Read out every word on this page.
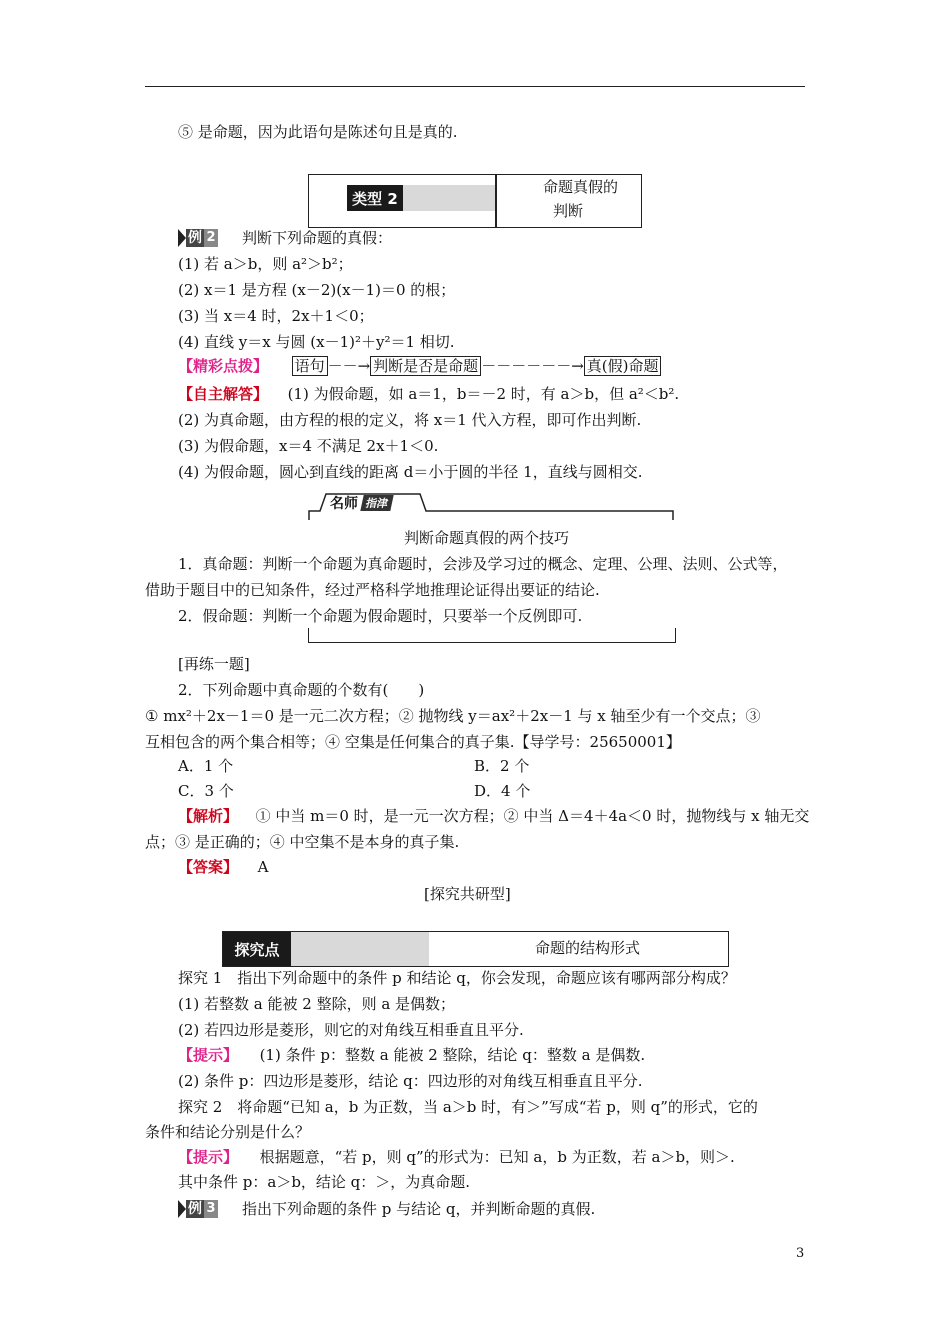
⑤ 是命题，因为此语句是陈述句且是真的.
类型 2
命题真假的
判断
例 2 判断下列命题的真假：
(1) 若 a＞b，则 a²＞b²；
(2) x＝1 是方程 (x－2)(x－1)＝0 的根；
(3) 当 x＝4 时，2x＋1＜0；
(4) 直线 y＝x 与圆 (x－1)²＋y²＝1 相切.
【精彩点拨】 语句 －－→ 判断是否是命题 －－－－－－→ 真(假)命题
【自主解答】 (1) 为假命题，如 a＝1，b＝－2 时，有 a＞b，但 a²＜b².
(2) 为真命题，由方程的根的定义，将 x＝1 代入方程，即可作出判断.
(3) 为假命题，x＝4 不满足 2x＋1＜0.
(4) 为假命题，圆心到直线的距离 d＝小于圆的半径 1，直线与圆相交.
名师 指津
判断命题真假的两个技巧
1．真命题：判断一个命题为真命题时，会涉及学习过的概念、定理、公理、法则、公式等，
借助于题目中的已知条件，经过严格科学地推理论证得出要证的结论.
2．假命题：判断一个命题为假命题时，只要举一个反例即可.
[再练一题]
2．下列命题中真命题的个数有(　　)
① mx²＋2x－1＝0 是一元二次方程；② 抛物线 y＝ax²＋2x－1 与 x 轴至少有一个交点；③
互相包含的两个集合相等；④ 空集是任何集合的真子集.【导学号：25650001】
A．1 个	B．2 个
C．3 个	D．4 个
【解析】 ① 中当 m＝0 时，是一元一次方程；② 中当 Δ＝4＋4a＜0 时，抛物线与 x 轴无交
点；③ 是正确的；④ 中空集不是本身的真子集.
【答案】 A
[探究共研型]
探究点	命题的结构形式
探究 1　指出下列命题中的条件 p 和结论 q，你会发现，命题应该有哪两部分构成？
(1) 若整数 a 能被 2 整除，则 a 是偶数；
(2) 若四边形是菱形，则它的对角线互相垂直且平分.
【提示】 (1) 条件 p：整数 a 能被 2 整除，结论 q：整数 a 是偶数.
(2) 条件 p：四边形是菱形，结论 q：四边形的对角线互相垂直且平分.
探究 2　将命题“已知 a，b 为正数，当 a＞b 时，有＞”写成“若 p，则 q”的形式，它的
条件和结论分别是什么？
【提示】 根据题意，“若 p，则 q”的形式为：已知 a，b 为正数，若 a＞b，则＞.
其中条件 p：a＞b，结论 q：＞，为真命题.
例 3 指出下列命题的条件 p 与结论 q，并判断命题的真假.
3
